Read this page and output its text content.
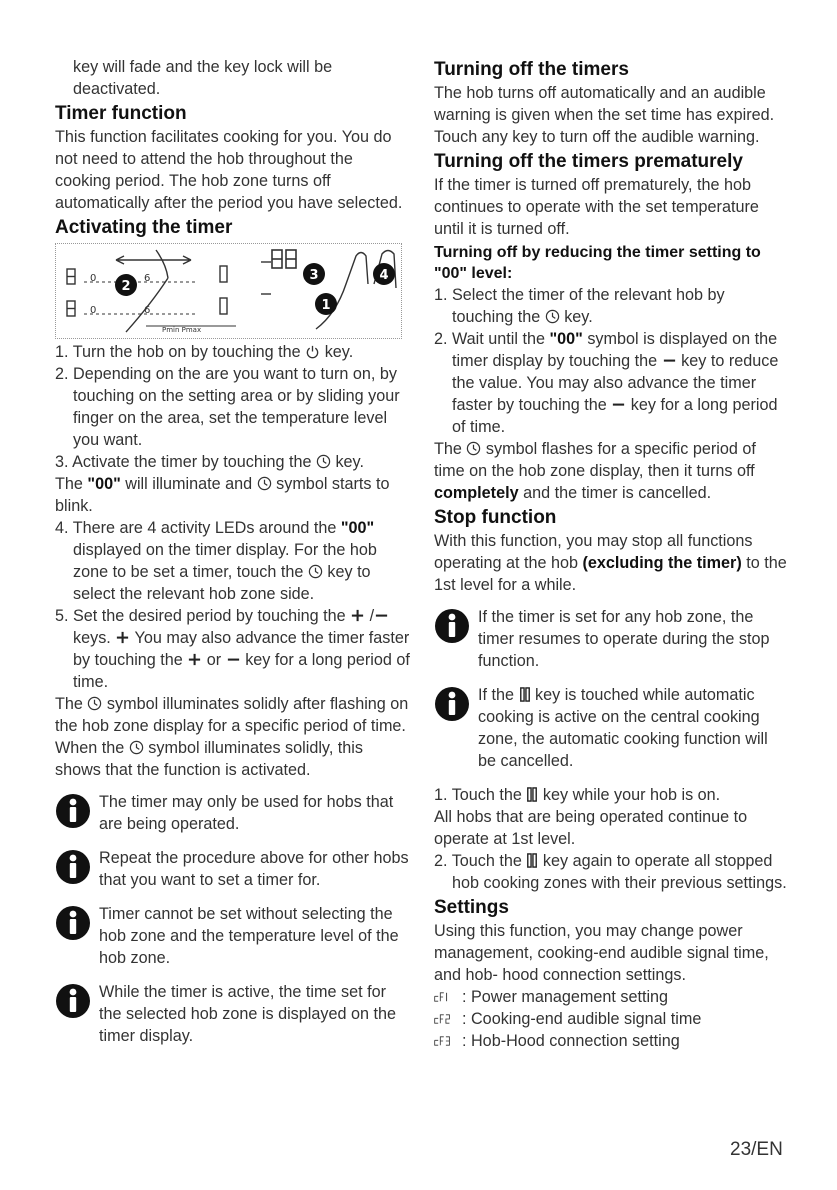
key will fade and the key lock will be deactivated.

Timer function

This function facilitates cooking for you. You do not need to attend the hob throughout the cooking period. The hob zone turns off automatically after the period you have selected.

Activating the timer
6
6
0
0
Pmin Pmax
2
3	4
1

1. Turn the hob on by touching the key.

2. Depending on the are you want to turn on, by touching on the setting area or by sliding your finger on the area, set the temperature level you want.

3. Activate the timer by touching the key.

The "00" will illuminate and symbol starts to blink.

4. There are 4 activity LEDs around the "00" displayed on the timer display. For the hob zone to be set a timer, touch the key to select the relevant hob zone side.

5. Set the desired period by touching the / keys. You may also advance the timer faster by touching the or key for a long period of time.

The symbol illuminates solidly after flashing on the hob zone display for a specific period of time. When the symbol illuminates solidly, this shows that the function is activated.

The timer may only be used for hobs that are being operated.

Repeat the procedure above for other hobs that you want to set a timer for.

Timer cannot be set without selecting the hob zone and the temperature level of the hob zone.

While the timer is active, the time set for the selected hob zone is displayed on the timer display.

Turning off the timers

The hob turns off automatically and an audible warning is given when the set time has expired.

Touch any key to turn off the audible warning.

Turning off the timers prematurely

If the timer is turned off prematurely, the hob continues to operate with the set temperature until it is turned off.

Turning off by reducing the timer setting to "00" level:

1. Select the timer of the relevant hob by touching the key.

2. Wait until the "00" symbol is displayed on the timer display by touching the key to reduce the value. You may also advance the timer faster by touching the key for a long period of time.

The symbol flashes for a specific period of time on the hob zone display, then it turns off completely and the timer is cancelled.

Stop function

With this function, you may stop all functions operating at the hob (excluding the timer) to the 1st level for a while.

If the timer is set for any hob zone, the timer resumes to operate during the stop function.

If the key is touched while automatic cooking is active on the central cooking zone, the automatic cooking function will be cancelled.

1. Touch the key while your hob is on.

All hobs that are being operated continue to operate at 1st level.

2. Touch the key again to operate all stopped hob cooking zones with their previous settings.

Settings

Using this function, you may change power management, cooking-end audible signal time, and hob- hood connection settings.

: Power management setting

: Cooking-end audible signal time

: Hob-Hood connection setting

23/EN
